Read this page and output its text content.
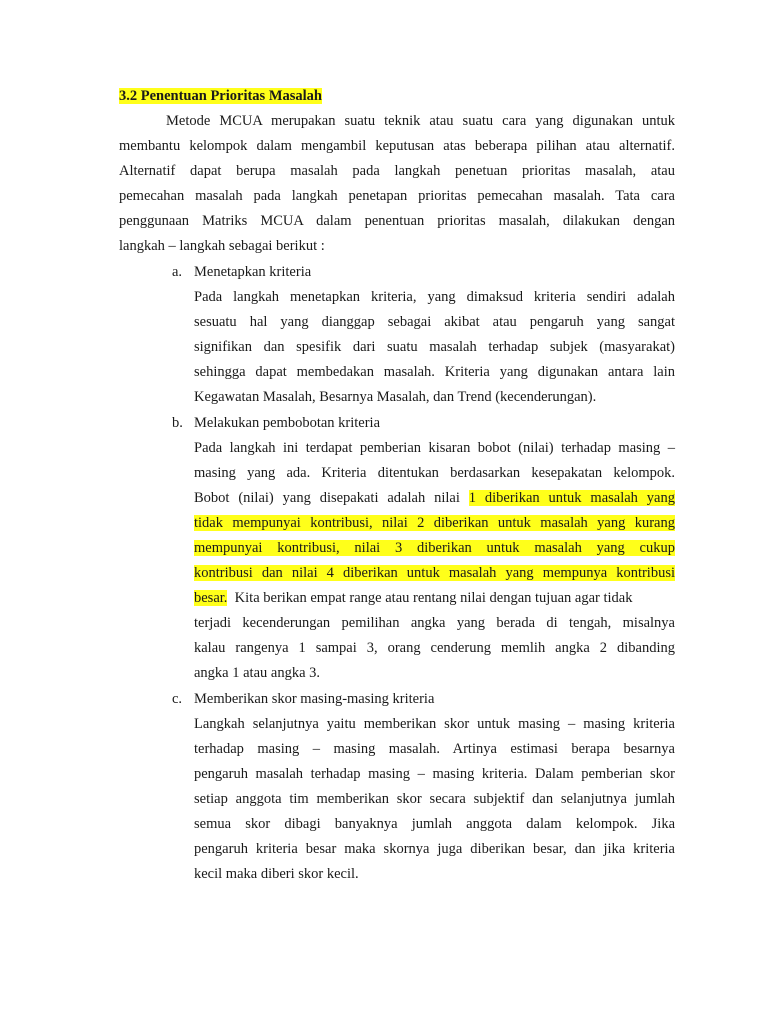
3.2 Penentuan Prioritas Masalah
Metode MCUA merupakan suatu teknik atau suatu cara yang digunakan untuk
membantu kelompok dalam mengambil keputusan atas beberapa pilihan atau alternatif.
Alternatif dapat berupa masalah pada langkah penetuan prioritas masalah, atau
pemecahan masalah pada langkah penetapan prioritas pemecahan masalah. Tata cara
penggunaan Matriks MCUA dalam penentuan prioritas masalah, dilakukan dengan
langkah – langkah sebagai berikut :
a. Menetapkan kriteria
Pada langkah menetapkan kriteria, yang dimaksud kriteria sendiri adalah
sesuatu hal yang dianggap sebagai akibat atau pengaruh yang sangat
signifikan dan spesifik dari suatu masalah terhadap subjek (masyarakat)
sehingga dapat membedakan masalah. Kriteria yang digunakan antara lain
Kegawatan Masalah, Besarnya Masalah, dan Trend (kecenderungan).
b. Melakukan pembobotan kriteria
Pada langkah ini terdapat pemberian kisaran bobot (nilai) terhadap masing –
masing yang ada. Kriteria ditentukan berdasarkan kesepakatan kelompok.
Bobot (nilai) yang disepakati adalah nilai 1 diberikan untuk masalah yang
tidak mempunyai kontribusi, nilai 2 diberikan untuk masalah yang kurang
mempunyai kontribusi, nilai 3 diberikan untuk masalah yang cukup
kontribusi dan nilai 4 diberikan untuk masalah yang mempunya kontribusi
besar.  Kita berikan empat range atau rentang nilai dengan tujuan agar tidak
terjadi kecenderungan pemilihan angka yang berada di tengah, misalnya
kalau rangenya 1 sampai 3, orang cenderung memlih angka 2 dibanding
angka 1 atau angka 3.
c. Memberikan skor masing-masing kriteria
Langkah selanjutnya yaitu memberikan skor untuk masing – masing kriteria
terhadap masing – masing masalah. Artinya estimasi berapa besarnya
pengaruh masalah terhadap masing – masing kriteria. Dalam pemberian skor
setiap anggota tim memberikan skor secara subjektif dan selanjutnya jumlah
semua skor dibagi banyaknya jumlah anggota dalam kelompok. Jika
pengaruh kriteria besar maka skornya juga diberikan besar, dan jika kriteria
kecil maka diberi skor kecil.
